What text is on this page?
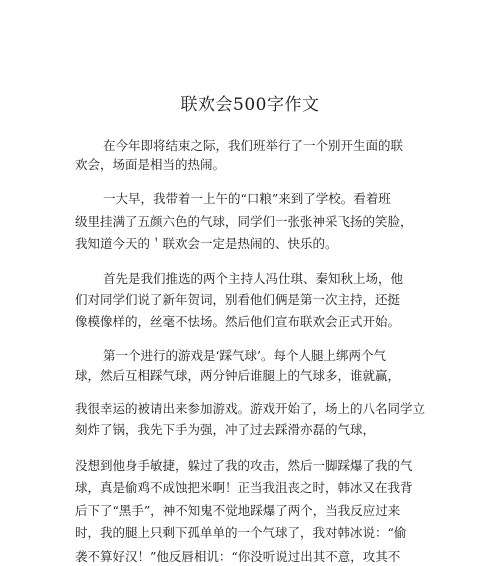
联欢会500字作文
在今年即将结束之际，我们班举行了一个别开生面的联
欢会，场面是相当的热闹。
一大早，我带着一上午的“口粮”来到了学校。看着班
级里挂满了五颜六色的气球，同学们一张张神采飞扬的笑脸，
我知道今天的＇联欢会一定是热闹的、快乐的。
首先是我们推选的两个主持人冯仕琪、秦知秋上场，他
们对同学们说了新年贺词，别看他们俩是第一次主持，还挺
像模像样的，丝毫不怯场。然后他们宣布联欢会正式开始。
第一个进行的游戏是‘踩气球’。每个人腿上绑两个气
球，然后互相踩气球，两分钟后谁腿上的气球多，谁就赢，
我很幸运的被请出来参加游戏。游戏开始了，场上的八名同学立
刻炸了锅，我先下手为强，冲了过去踩滑亦磊的气球，
没想到他身手敏捷，躲过了我的攻击，然后一脚踩爆了我的气
球，真是偷鸡不成蚀把米啊！正当我沮丧之时，韩冰又在我背
后下了“黑手”，神不知鬼不觉地踩爆了两个，当我反应过来
时，我的腿上只剩下孤单单的一个气球了，我对韩冰说：“偷
袭不算好汉！”他反唇相讥：“你没听说过出其不意，攻其不
